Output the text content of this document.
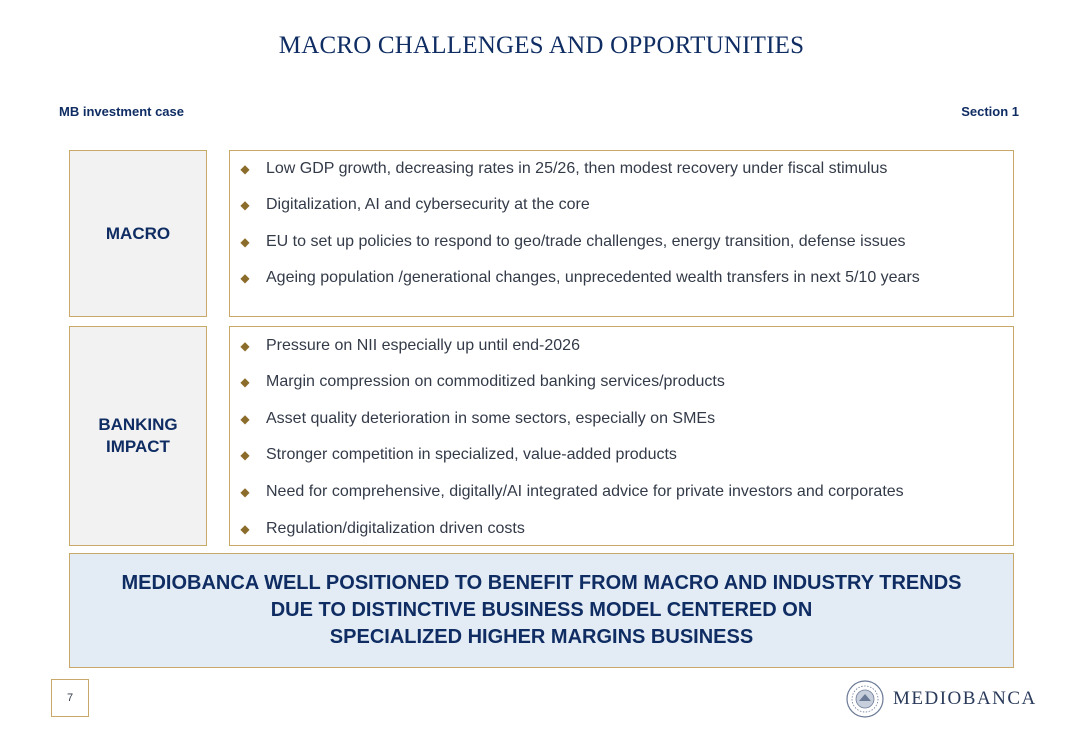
MACRO CHALLENGES AND OPPORTUNITIES
MB investment case	Section 1
MACRO
◆ Low GDP growth, decreasing rates in 25/26, then modest recovery under fiscal stimulus
◆ Digitalization, AI and cybersecurity at the core
◆ EU to set up policies to respond to geo/trade challenges, energy transition, defense issues
◆ Ageing population /generational changes, unprecedented wealth transfers in next 5/10 years
BANKING
IMPACT
◆ Pressure on NII especially up until end-2026
◆ Margin compression on commoditized banking services/products
◆ Asset quality deterioration in some sectors, especially on SMEs
◆ Stronger competition in specialized, value-added products
◆ Need for comprehensive, digitally/AI integrated advice for private investors and corporates
◆ Regulation/digitalization driven costs
MEDIOBANCA WELL POSITIONED TO BENEFIT FROM MACRO AND INDUSTRY TRENDS
DUE TO DISTINCTIVE BUSINESS MODEL CENTERED ON
SPECIALIZED HIGHER MARGINS BUSINESS
7	MEDIOBANCA
